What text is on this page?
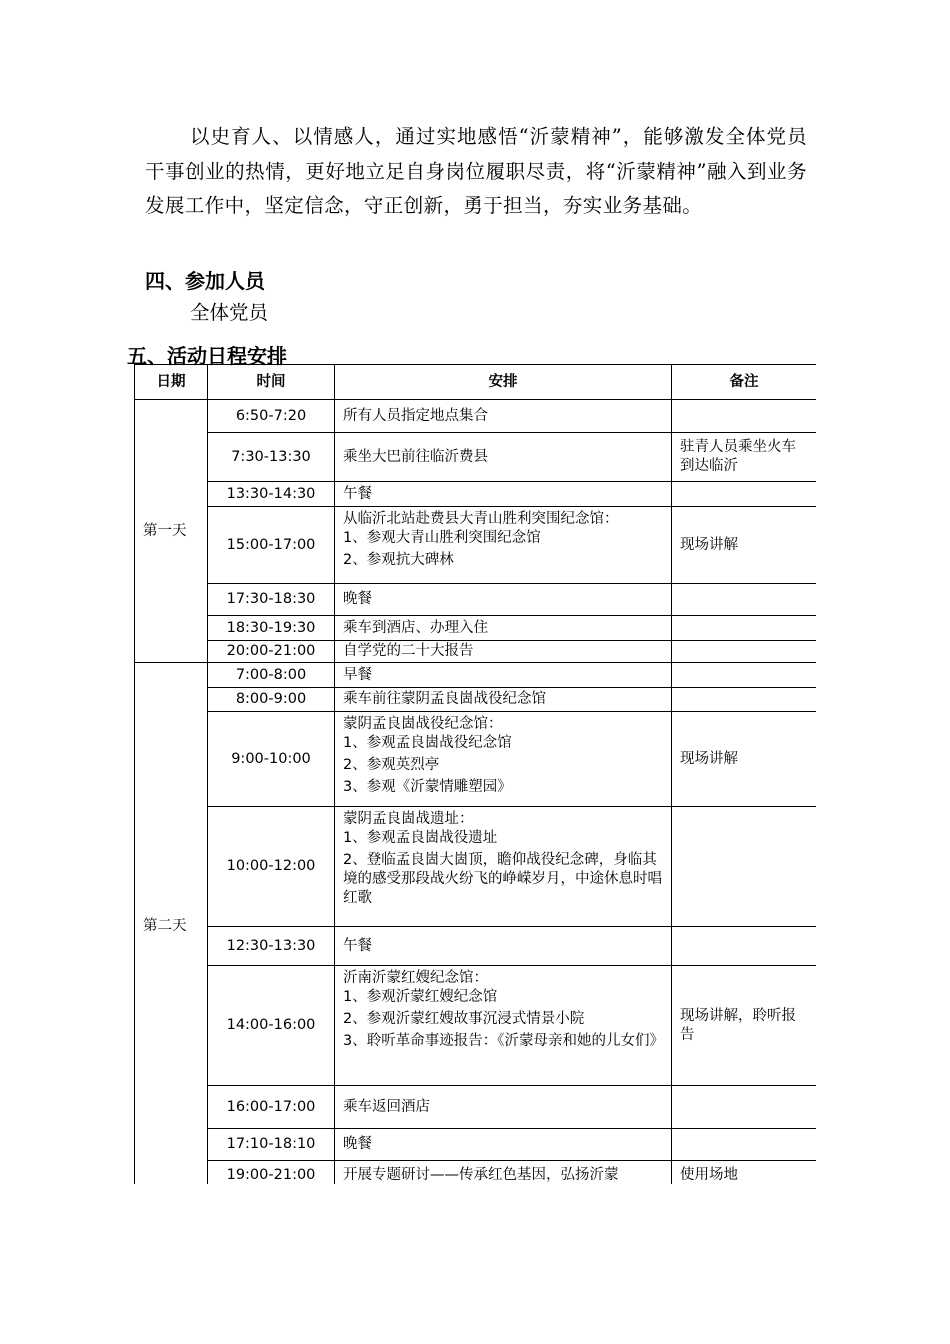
以史育人、以情感人，通过实地感悟“沂蒙精神”，能够激发全体党员干事创业的热情，更好地立足自身岗位履职尽责，将“沂蒙精神”融入到业务发展工作中，坚定信念，守正创新，勇于担当，夯实业务基础。

四、参加人员

全体党员

五、活动日程安排
日期	时间	安排	备注
第一天	6:50-7:20	所有人员指定地点集合	

	7:30-13:30	乘坐大巴前往临沂费县	驻青人员乘坐火车到达临沂
	13:30-14:30	午餐	

	15:00-17:00	从临沂北站赴费县大青山胜利突围纪念馆：
1、参观大青山胜利突围纪念馆
2、参观抗大碑林	现场讲解
	17:30-18:30	晚餐	

	18:30-19:30	乘车到酒店、办理入住	

	20:00-21:00	自学党的二十大报告	

第二天	7:00-8:00	早餐	

	8:00-9:00	乘车前往蒙阴孟良崮战役纪念馆	

	9:00-10:00	蒙阴孟良崮战役纪念馆：
1、参观孟良崮战役纪念馆
2、参观英烈亭
3、参观《沂蒙情雕塑园》	现场讲解
	10:00-12:00	蒙阴孟良崮战遗址：
1、参观孟良崮战役遗址
2、登临孟良崮大崮顶，瞻仰战役纪念碑，身临其境的感受那段战火纷飞的峥嵘岁月，中途休息时唱红歌	

	12:30-13:30	午餐	

	14:00-16:00	沂南沂蒙红嫂纪念馆：
1、参观沂蒙红嫂纪念馆
2、参观沂蒙红嫂故事沉浸式情景小院
3、聆听革命事迹报告：《沂蒙母亲和她的儿女们》	现场讲解，聆听报告
	16:00-17:00	乘车返回酒店	

	17:10-18:10	晚餐	

	19:00-21:00	开展专题研讨——传承红色基因，弘扬沂蒙	使用场地
